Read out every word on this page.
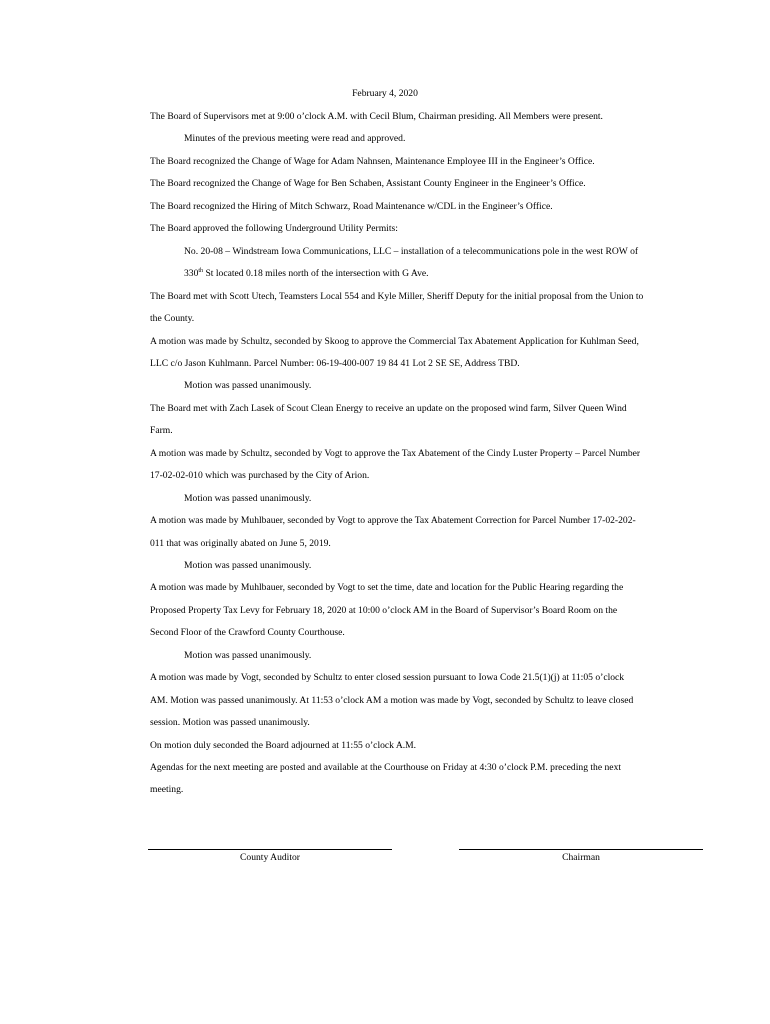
February 4, 2020
The Board of Supervisors met at 9:00 o’clock A.M. with Cecil Blum, Chairman presiding. All Members were present.
Minutes of the previous meeting were read and approved.
The Board recognized the Change of Wage for Adam Nahnsen, Maintenance Employee III in the Engineer’s Office.
The Board recognized the Change of Wage for Ben Schaben, Assistant County Engineer in the Engineer’s Office.
The Board recognized the Hiring of Mitch Schwarz, Road Maintenance w/CDL in the Engineer’s Office.
The Board approved the following Underground Utility Permits:
No. 20-08 – Windstream Iowa Communications, LLC – installation of a telecommunications pole in the west ROW of
330th St located 0.18 miles north of the intersection with G Ave.
The Board met with Scott Utech, Teamsters Local 554 and Kyle Miller, Sheriff Deputy for the initial proposal from the Union to
the County.
A motion was made by Schultz, seconded by Skoog to approve the Commercial Tax Abatement Application for Kuhlman Seed,
LLC c/o Jason Kuhlmann. Parcel Number: 06-19-400-007 19 84 41 Lot 2 SE SE, Address TBD.
Motion was passed unanimously.
The Board met with Zach Lasek of Scout Clean Energy to receive an update on the proposed wind farm, Silver Queen Wind
Farm.
A motion was made by Schultz, seconded by Vogt to approve the Tax Abatement of the Cindy Luster Property – Parcel Number
17-02-02-010 which was purchased by the City of Arion.
Motion was passed unanimously.
A motion was made by Muhlbauer, seconded by Vogt to approve the Tax Abatement Correction for Parcel Number 17-02-202-
011 that was originally abated on June 5, 2019.
Motion was passed unanimously.
A motion was made by Muhlbauer, seconded by Vogt to set the time, date and location for the Public Hearing regarding the
Proposed Property Tax Levy for February 18, 2020 at 10:00 o’clock AM in the Board of Supervisor’s Board Room on the
Second Floor of the Crawford County Courthouse.
Motion was passed unanimously.
A motion was made by Vogt, seconded by Schultz to enter closed session pursuant to Iowa Code 21.5(1)(j) at 11:05 o’clock
AM. Motion was passed unanimously. At 11:53 o’clock AM a motion was made by Vogt, seconded by Schultz to leave closed
session. Motion was passed unanimously.
On motion duly seconded the Board adjourned at 11:55 o’clock A.M.
Agendas for the next meeting are posted and available at the Courthouse on Friday at 4:30 o’clock P.M. preceding the next
meeting.
County Auditor	Chairman
